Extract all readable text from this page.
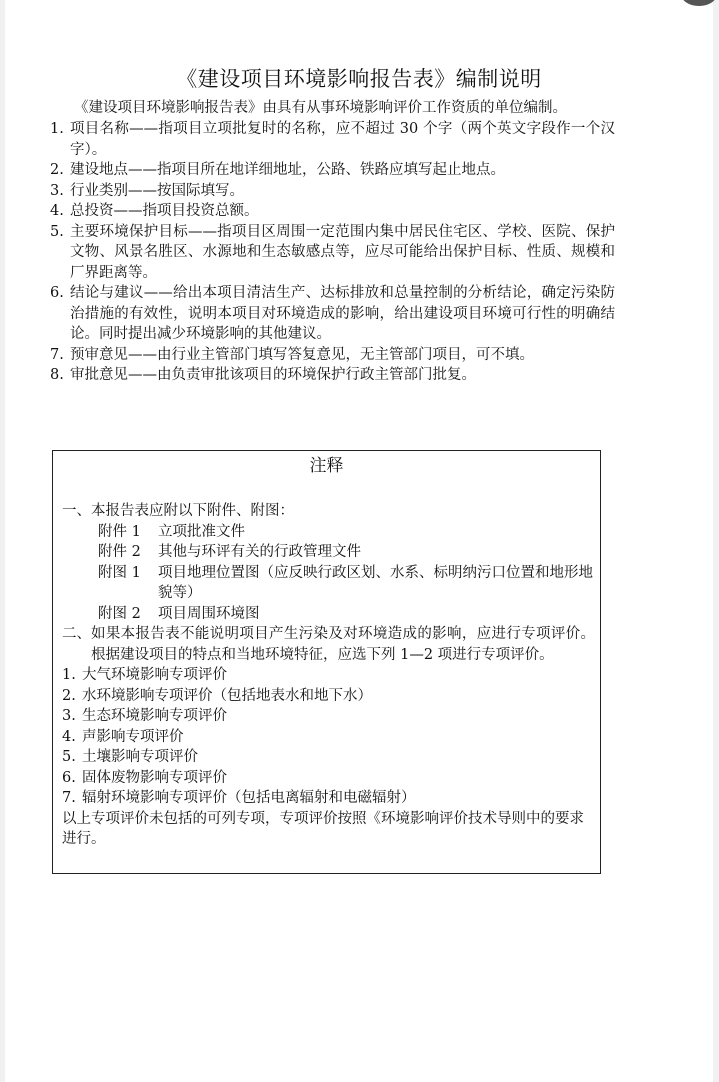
《建设项目环境影响报告表》编制说明
《建设项目环境影响报告表》由具有从事环境影响评价工作资质的单位编制。
1. 项目名称——指项目立项批复时的名称，应不超过 30 个字（两个英文字段作一个汉字）。
2. 建设地点——指项目所在地详细地址，公路、铁路应填写起止地点。
3. 行业类别——按国际填写。
4. 总投资——指项目投资总额。
5. 主要环境保护目标——指项目区周围一定范围内集中居民住宅区、学校、医院、保护文物、风景名胜区、水源地和生态敏感点等，应尽可能给出保护目标、性质、规模和厂界距离等。
6. 结论与建议——给出本项目清洁生产、达标排放和总量控制的分析结论，确定污染防治措施的有效性，说明本项目对环境造成的影响，给出建设项目环境可行性的明确结论。同时提出减少环境影响的其他建议。
7. 预审意见——由行业主管部门填写答复意见，无主管部门项目，可不填。
8. 审批意见——由负责审批该项目的环境保护行政主管部门批复。
注释
一、 本报告表应附以下附件、附图：
附件 1	立项批准文件
附件 2	其他与环评有关的行政管理文件
附图 1	项目地理位置图（应反映行政区划、水系、标明纳污口位置和地形地貌等）
附图 2	项目周围环境图
二、 如果本报告表不能说明项目产生污染及对环境造成的影响，应进行专项评价。根据建设项目的特点和当地环境特征，应选下列 1—2 项进行专项评价。
1. 大气环境影响专项评价
2. 水环境影响专项评价（包括地表水和地下水）
3. 生态环境影响专项评价
4. 声影响专项评价
5. 土壤影响专项评价
6. 固体废物影响专项评价
7. 辐射环境影响专项评价（包括电离辐射和电磁辐射）
以上专项评价未包括的可列专项，专项评价按照《环境影响评价技术导则中的要求进行。
